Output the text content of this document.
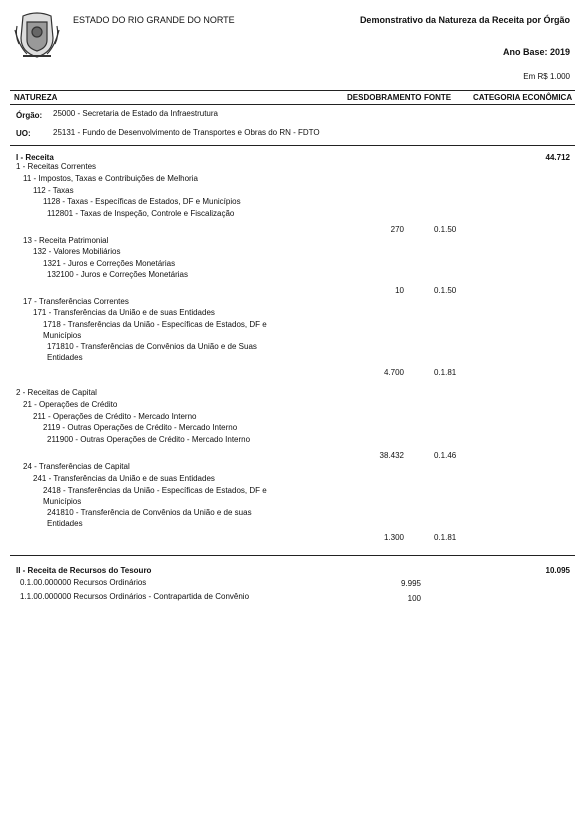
ESTADO DO RIO GRANDE DO NORTE	Demonstrativo da Natureza da Receita por Órgão
Ano Base: 2019
Em R$ 1.000
NATUREZA	DESDOBRAMENTO FONTE	CATEGORIA ECONÔMICA
Órgão: 25000 - Secretaria de Estado da Infraestrutura
UO:	25131 - Fundo de Desenvolvimento de Transportes e Obras do RN - FDTO
I - Receita	44.712
1 - Receitas Correntes
11 - Impostos, Taxas e Contribuições de Melhoria
112 - Taxas
1128 - Taxas - Específicas de Estados, DF e Municípios
112801 - Taxas de Inspeção, Controle e Fiscalização
270	0.1.50
13 - Receita Patrimonial
132 - Valores Mobiliários
1321 - Juros e Correções Monetárias
132100 - Juros e Correções Monetárias
10	0.1.50
17 - Transferências Correntes
171 - Transferências da União e de suas Entidades
1718 - Transferências da União - Específicas de Estados, DF e
Municípios
171810 - Transferências de Convênios da União e de Suas
Entidades
4.700	0.1.81
2 - Receitas de Capital
21 - Operações de Crédito
211 - Operações de Crédito - Mercado Interno
2119 - Outras Operações de Crédito - Mercado Interno
211900 - Outras Operações de Crédito - Mercado Interno
38.432	0.1.46
24 - Transferências de Capital
241 - Transferências da União e de suas Entidades
2418 - Transferências da União - Específicas de Estados, DF e
Municípios
241810 - Transferência de Convênios da União e de suas
Entidades
1.300	0.1.81
II - Receita de Recursos do Tesouro	10.095
0.1.00.000000 Recursos Ordinários	9.995
1.1.00.000000 Recursos Ordinários - Contrapartida de Convênio	100
